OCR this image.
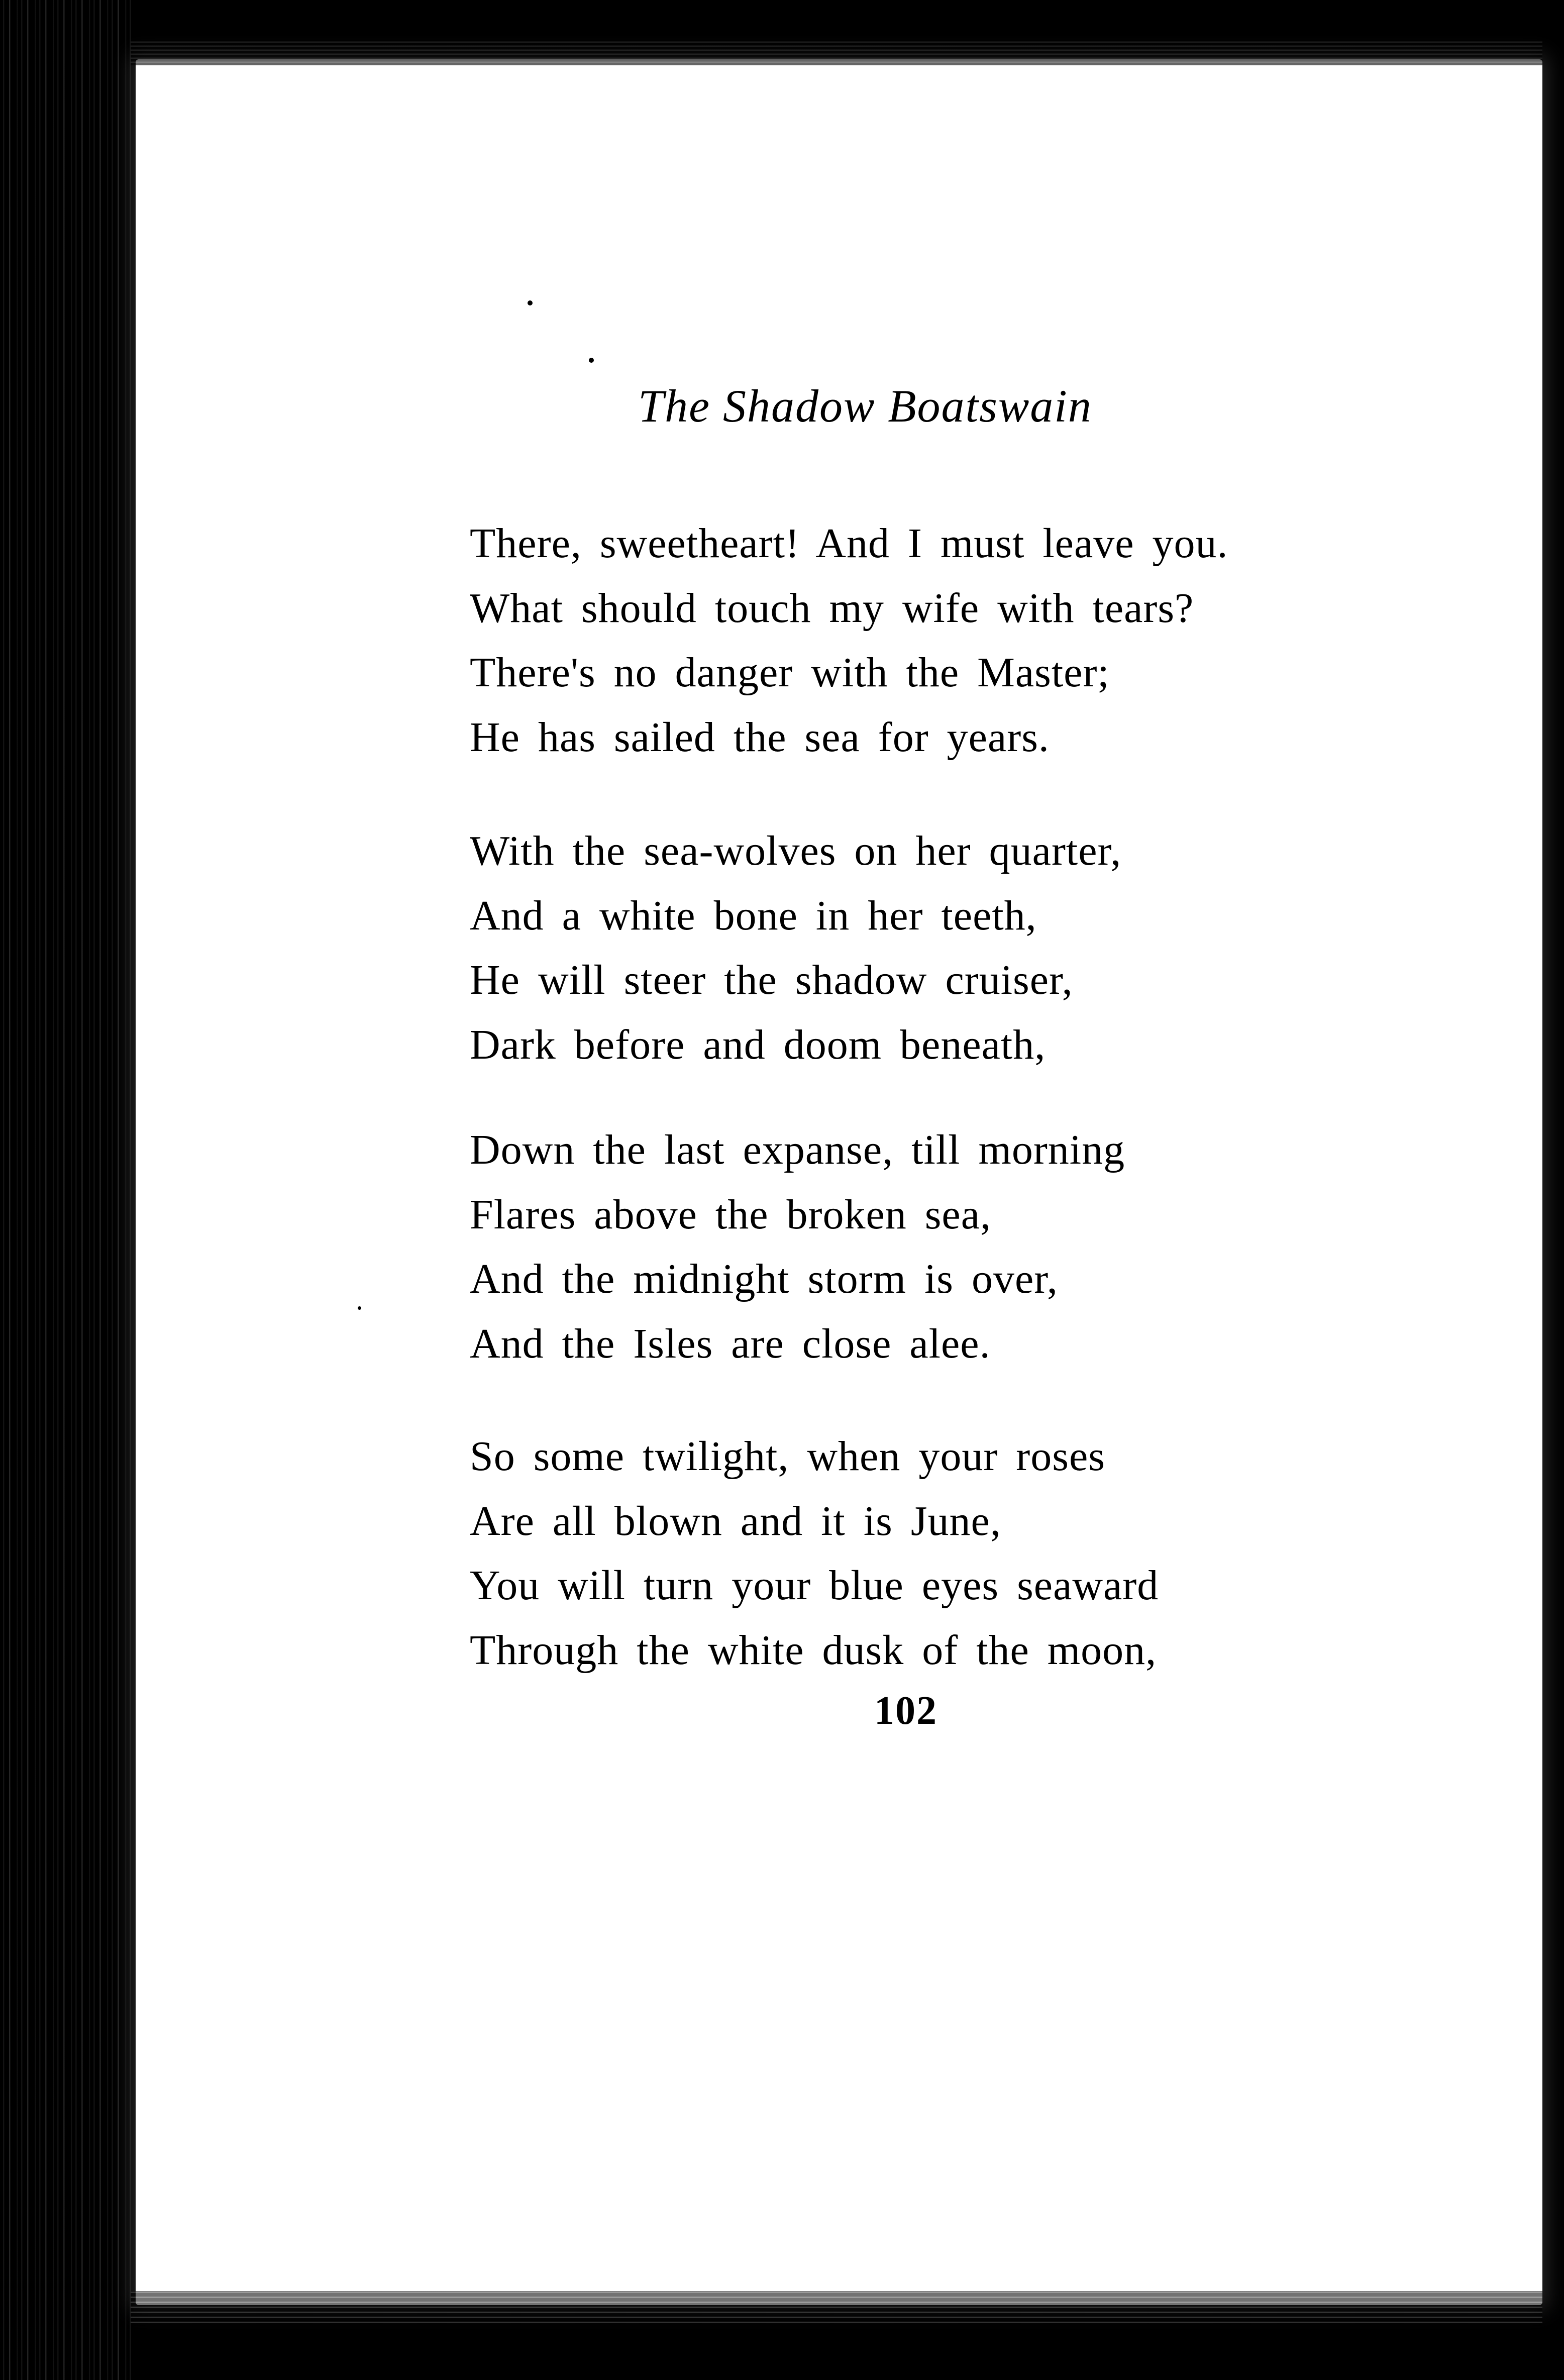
The Shadow Boatswain
There, sweetheart! And I must leave you.
What should touch my wife with tears?
There's no danger with the Master;
He has sailed the sea for years.
With the sea-wolves on her quarter,
And a white bone in her teeth,
He will steer the shadow cruiser,
Dark before and doom beneath,
Down the last expanse, till morning
Flares above the broken sea,
And the midnight storm is over,
And the Isles are close alee.
So some twilight, when your roses
Are all blown and it is June,
You will turn your blue eyes seaward
Through the white dusk of the moon,
102
